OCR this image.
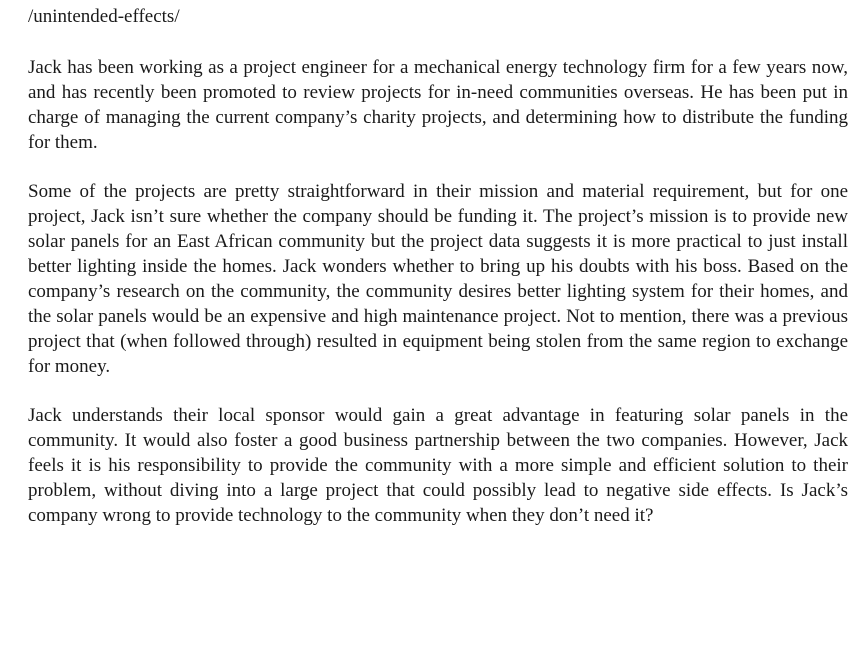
/unintended-effects/

Jack has been working as a project engineer for a mechanical energy technology firm for a few years now, and has recently been promoted to review projects for in-need communities overseas. He has been put in charge of managing the current company’s charity projects, and determining how to distribute the funding for them.

Some of the projects are pretty straightforward in their mission and material requirement, but for one project, Jack isn’t sure whether the company should be funding it. The project’s mission is to provide new solar panels for an East African community but the project data suggests it is more practical to just install better lighting inside the homes. Jack wonders whether to bring up his doubts with his boss. Based on the company’s research on the community, the community desires better lighting system for their homes, and the solar panels would be an expensive and high maintenance project. Not to mention, there was a previous project that (when followed through) resulted in equipment being stolen from the same region to exchange for money.

Jack understands their local sponsor would gain a great advantage in featuring solar panels in the community. It would also foster a good business partnership between the two companies. However, Jack feels it is his responsibility to provide the community with a more simple and efficient solution to their problem, without diving into a large project that could possibly lead to negative side effects. Is Jack’s company wrong to provide technology to the community when they don’t need it?
